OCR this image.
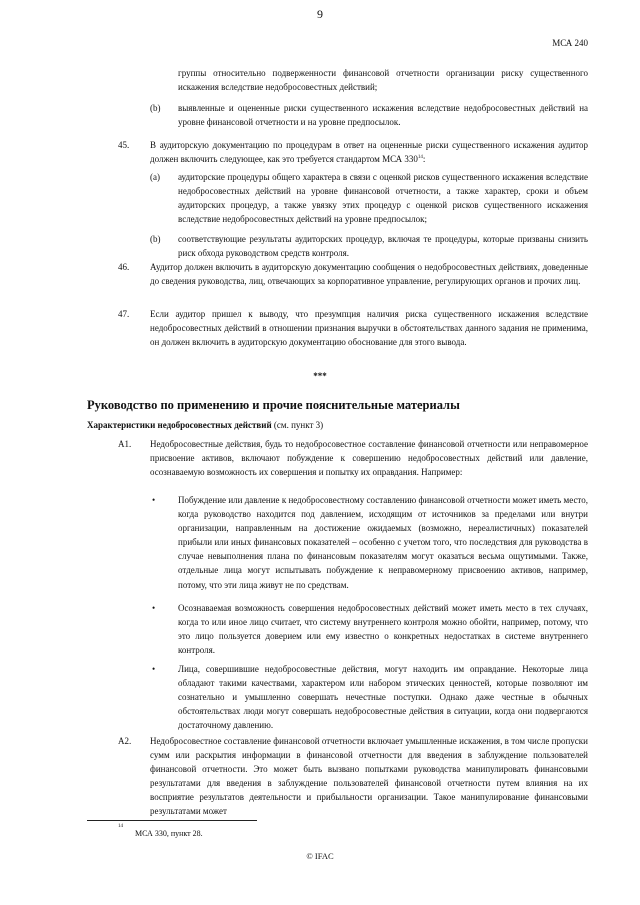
9
МСА 240
группы относительно подверженности финансовой отчетности организации риску существенного искажения вследствие недобросовестных действий;
(b) выявленные и оцененные риски существенного искажения вследствие недобросовестных действий на уровне финансовой отчетности и на уровне предпосылок.
45. В аудиторскую документацию по процедурам в ответ на оцененные риски существенного искажения аудитор должен включить следующее, как это требуется стандартом МСА $330^{14}$:
(a) аудиторские процедуры общего характера в связи с оценкой рисков существенного искажения вследствие недобросовестных действий на уровне финансовой отчетности, а также характер, сроки и объем аудиторских процедур, а также увязку этих процедур с оценкой рисков существенного искажения вследствие недобросовестных действий на уровне предпосылок;
(b) соответствующие результаты аудиторских процедур, включая те процедуры, которые призваны снизить риск обхода руководством средств контроля.
46. Аудитор должен включить в аудиторскую документацию сообщения о недобросовестных действиях, доведенные до сведения руководства, лиц, отвечающих за корпоративное управление, регулирующих органов и прочих лиц.
47. Если аудитор пришел к выводу, что презумпция наличия риска существенного искажения вследствие недобросовестных действий в отношении признания выручки в обстоятельствах данного задания не применима, он должен включить в аудиторскую документацию обоснование для этого вывода.
***
Руководство по применению и прочие пояснительные материалы
Характеристики недобросовестных действий (см. пункт 3)
A1. Недобросовестные действия, будь то недобросовестное составление финансовой отчетности или неправомерное присвоение активов, включают побуждение к совершению недобросовестных действий или давление, осознаваемую возможность их совершения и попытку их оправдания. Например:
•	Побуждение или давление к недобросовестному составлению финансовой отчетности может иметь место, когда руководство находится под давлением, исходящим от источников за пределами или внутри организации, направленным на достижение ожидаемых (возможно, нереалистичных) показателей прибыли или иных финансовых показателей – особенно с учетом того, что последствия для руководства в случае невыполнения плана по финансовым показателям могут оказаться весьма ощутимыми. Также, отдельные лица могут испытывать побуждение к неправомерному присвоению активов, например, потому, что эти лица живут не по средствам.
•	Осознаваемая возможность совершения недобросовестных действий может иметь место в тех случаях, когда то или иное лицо считает, что систему внутреннего контроля можно обойти, например, потому, что это лицо пользуется доверием или ему известно о конкретных недостатках в системе внутреннего контроля.
•	Лица, совершившие недобросовестные действия, могут находить им оправдание. Некоторые лица обладают такими качествами, характером или набором этических ценностей, которые позволяют им сознательно и умышленно совершать нечестные поступки. Однако даже честные в обычных обстоятельствах люди могут совершать недобросовестные действия в ситуации, когда они подвергаются достаточному давлению.
A2. Недобросовестное составление финансовой отчетности включает умышленные искажения, в том числе пропуски сумм или раскрытия информации в финансовой отчетности для введения в заблуждение пользователей финансовой отчетности. Это может быть вызвано попытками руководства манипулировать финансовыми результатами для введения в заблуждение пользователей финансовой отчетности путем влияния на их восприятие результатов деятельности и прибыльности организации. Такое манипулирование финансовыми результатами может
14
МСА 330, пункт 28.
© IFAC
